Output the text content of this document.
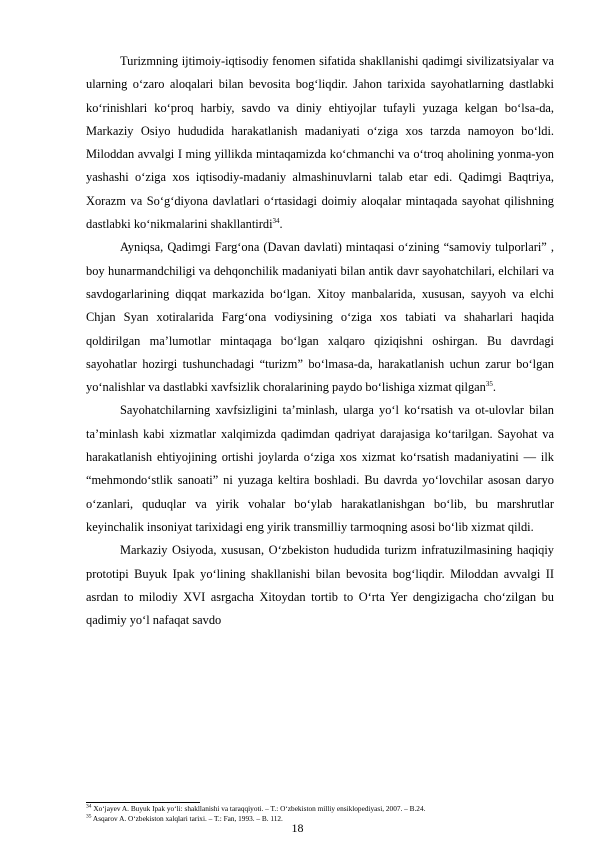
Turizmning ijtimoiy-iqtisodiy fenomen sifatida shakllanishi qadimgi sivilizatsiyalar va ularning oʻzaro aloqalari bilan bevosita bogʻliqdir. Jahon tarixida sayohatlarning dastlabki koʻrinishlari koʻproq harbiy, savdo va diniy ehtiyojlar tufayli yuzaga kelgan boʻlsa-da, Markaziy Osiyo hududida harakatlanish madaniyati oʻziga xos tarzda namoyon boʻldi. Miloddan avvalgi I ming yillikda mintaqamizda koʻchmanchi va oʻtroq aholining yonma-yon yashashi oʻziga xos iqtisodiy-madaniy almashinuvlarni talab etar edi. Qadimgi Baqtriya, Xorazm va Soʻgʻdiyona davlatlari oʻrtasidagi doimiy aloqalar mintaqada sayohat qilishning dastlabki koʻnikmalarini shakllantirdi$^{34}$.

Ayniqsa, Qadimgi Fargʻona (Davan davlati) mintaqasi oʻzining “samoviy tulporlari” , boy hunarmandchiligi va dehqonchilik madaniyati bilan antik davr sayohatchilari, elchilari va savdogarlarining diqqat markazida boʻlgan. Xitoy manbalarida, xususan, sayyoh va elchi Chjan Syan xotiralarida Fargʻona vodiysining oʻziga xos tabiati va shaharlari haqida qoldirilgan maʼlumotlar mintaqaga boʻlgan xalqaro qiziqishni oshirgan. Bu davrdagi sayohatlar hozirgi tushunchadagi “turizm” boʻlmasa-da, harakatlanish uchun zarur boʻlgan yoʻnalishlar va dastlabki xavfsizlik choralarining paydo boʻlishiga xizmat qilgan$^{35}$.

Sayohatchilarning xavfsizligini taʼminlash, ularga yoʻl koʻrsatish va ot-ulovlar bilan taʼminlash kabi xizmatlar xalqimizda qadimdan qadriyat darajasiga koʻtarilgan. Sayohat va harakatlanish ehtiyojining ortishi joylarda oʻziga xos xizmat koʻrsatish madaniyatini — ilk “mehmondoʻstlik sanoati” ni yuzaga keltira boshladi. Bu davrda yoʻlovchilar asosan daryo oʻzanlari, quduqlar va yirik vohalar boʻylab harakatlanishgan boʻlib, bu marshrutlar keyinchalik insoniyat tarixidagi eng yirik transmilliy tarmoqning asosi boʻlib xizmat qildi.

Markaziy Osiyoda, xususan, Oʻzbekiston hududida turizm infratuzilmasining haqiqiy prototipi Buyuk Ipak yoʻlining shakllanishi bilan bevosita bogʻliqdir. Miloddan avvalgi II asrdan to milodiy XVI asrgacha Xitoydan tortib to Oʻrta Yer dengizigacha choʻzilgan bu qadimiy yoʻl nafaqat savdo

$^{34}$ Xoʻjayev A. Buyuk Ipak yoʻli: shakllanishi va taraqqiyoti. – T.: Oʻzbekiston milliy ensiklopediyasi, 2007. – B.24.

$^{35}$ Asqarov A. Oʻzbekiston xalqlari tarixi. – T.: Fan, 1993. – B. 112.

18
